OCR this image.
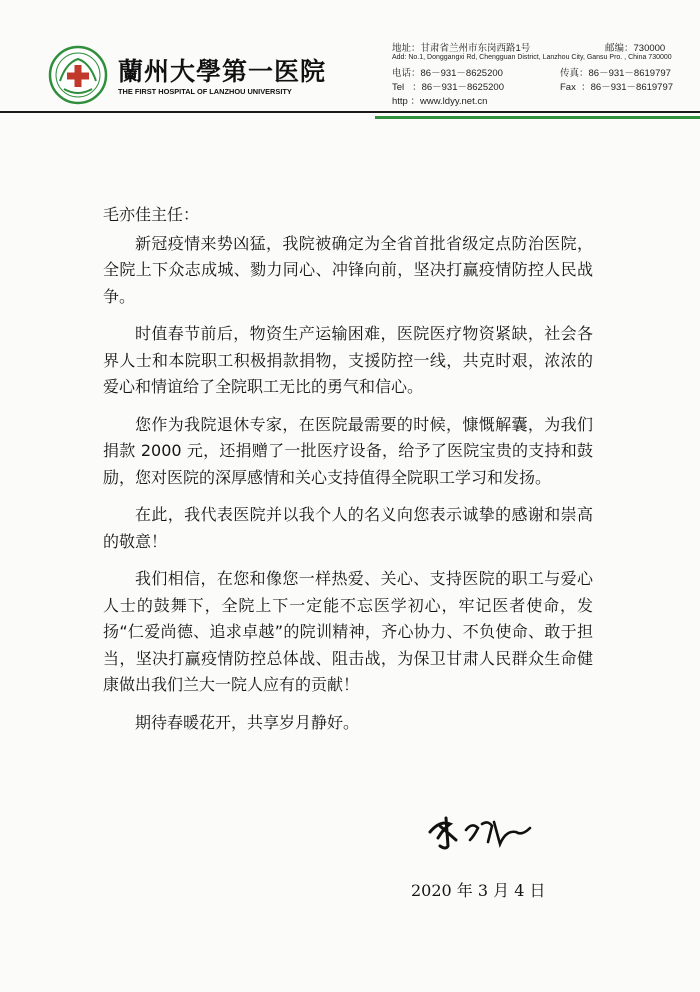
蘭州大學第一医院
THE FIRST HOSPITAL OF LANZHOU UNIVERSITY
地址：甘肃省兰州市东岗西路1号	邮编：730000
Add: No.1, Donggangxi Rd, Chengguan District, Lanzhou City, Gansu Pro. , China 730000
电话：86－931－8625200	传真：86－931－8619797
Tel ：86－931－8625200	Fax ：86－931－8619797
http ：www.ldyy.net.cn

毛亦佳主任：

新冠疫情来势凶猛，我院被确定为全省首批省级定点防治医院，全院上下众志成城、勠力同心、冲锋向前，坚决打赢疫情防控人民战争。

时值春节前后，物资生产运输困难，医院医疗物资紧缺，社会各界人士和本院职工积极捐款捐物，支援防控一线，共克时艰，浓浓的爱心和情谊给了全院职工无比的勇气和信心。

您作为我院退休专家，在医院最需要的时候，慷慨解囊，为我们捐款 2000 元，还捐赠了一批医疗设备，给予了医院宝贵的支持和鼓励，您对医院的深厚感情和关心支持值得全院职工学习和发扬。

在此，我代表医院并以我个人的名义向您表示诚挚的感谢和崇高的敬意！

我们相信，在您和像您一样热爱、关心、支持医院的职工与爱心人士的鼓舞下，全院上下一定能不忘医学初心，牢记医者使命，发扬“仁爱尚德、追求卓越”的院训精神，齐心协力、不负使命、敢于担当，坚决打赢疫情防控总体战、阻击战，为保卫甘肃人民群众生命健康做出我们兰大一院人应有的贡献！

期待春暖花开，共享岁月静好。

2020 年 3 月 4 日
